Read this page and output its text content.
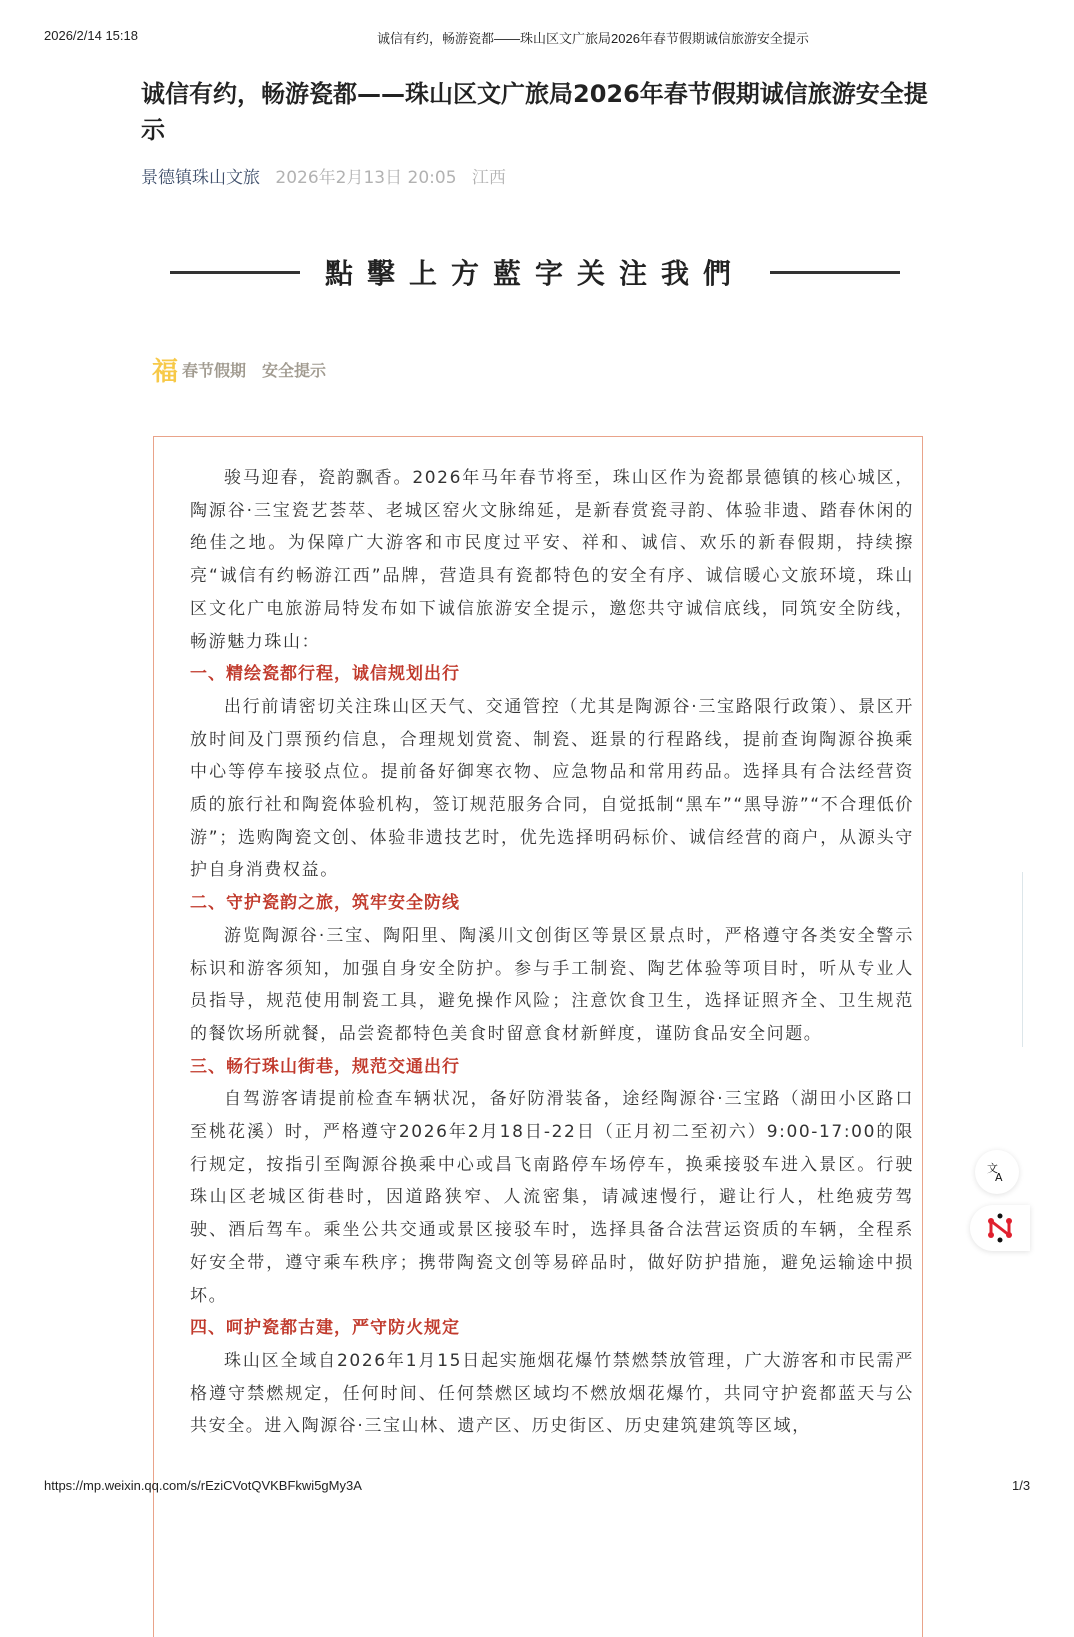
2026/2/14 15:18	诚信有约，畅游瓷都——珠山区文广旅局2026年春节假期诚信旅游安全提示
诚信有约，畅游瓷都——珠山区文广旅局2026年春节假期诚信旅游安全提示
景德镇珠山文旅 2026年2月13日 20:05 江西
點擊上方藍字关注我們
福 春节假期 安全提示

骏马迎春，瓷韵飘香。2026年马年春节将至，珠山区作为瓷都景德镇的核心城区，陶源谷·三宝瓷艺荟萃、老城区窑火文脉绵延，是新春赏瓷寻韵、体验非遗、踏春休闲的绝佳之地。为保障广大游客和市民度过平安、祥和、诚信、欢乐的新春假期，持续擦亮“诚信有约畅游江西”品牌，营造具有瓷都特色的安全有序、诚信暖心文旅环境，珠山区文化广电旅游局特发布如下诚信旅游安全提示，邀您共守诚信底线，同筑安全防线，畅游魅力珠山：

一、精绘瓷都行程，诚信规划出行

出行前请密切关注珠山区天气、交通管控（尤其是陶源谷·三宝路限行政策）、景区开放时间及门票预约信息，合理规划赏瓷、制瓷、逛景的行程路线，提前查询陶源谷换乘中心等停车接驳点位。提前备好御寒衣物、应急物品和常用药品。选择具有合法经营资质的旅行社和陶瓷体验机构，签订规范服务合同，自觉抵制“黑车”“黑导游”“不合理低价游”；选购陶瓷文创、体验非遗技艺时，优先选择明码标价、诚信经营的商户，从源头守护自身消费权益。

二、守护瓷韵之旅，筑牢安全防线

游览陶源谷·三宝、陶阳里、陶溪川文创街区等景区景点时，严格遵守各类安全警示标识和游客须知，加强自身安全防护。参与手工制瓷、陶艺体验等项目时，听从专业人员指导，规范使用制瓷工具，避免操作风险；注意饮食卫生，选择证照齐全、卫生规范的餐饮场所就餐，品尝瓷都特色美食时留意食材新鲜度，谨防食品安全问题。

三、畅行珠山街巷，规范交通出行

自驾游客请提前检查车辆状况，备好防滑装备，途经陶源谷·三宝路（湖田小区路口至桃花溪）时，严格遵守2026年2月18日-22日（正月初二至初六）9:00-17:00的限行规定，按指引至陶源谷换乘中心或昌飞南路停车场停车，换乘接驳车进入景区。行驶珠山区老城区街巷时，因道路狭窄、人流密集，请减速慢行，避让行人，杜绝疲劳驾驶、酒后驾车。乘坐公共交通或景区接驳车时，选择具备合法营运资质的车辆，全程系好安全带，遵守乘车秩序；携带陶瓷文创等易碎品时，做好防护措施，避免运输途中损坏。

四、呵护瓷都古建，严守防火规定

珠山区全域自2026年1月15日起实施烟花爆竹禁燃禁放管理，广大游客和市民需严格遵守禁燃规定，任何时间、任何禁燃区域均不燃放烟花爆竹，共同守护瓷都蓝天与公共安全。进入陶源谷·三宝山林、遗产区、历史街区、历史建筑建筑等区域，

文
A
https://mp.weixin.qq.com/s/rEziCVotQVKBFkwi5gMy3A	1/3
